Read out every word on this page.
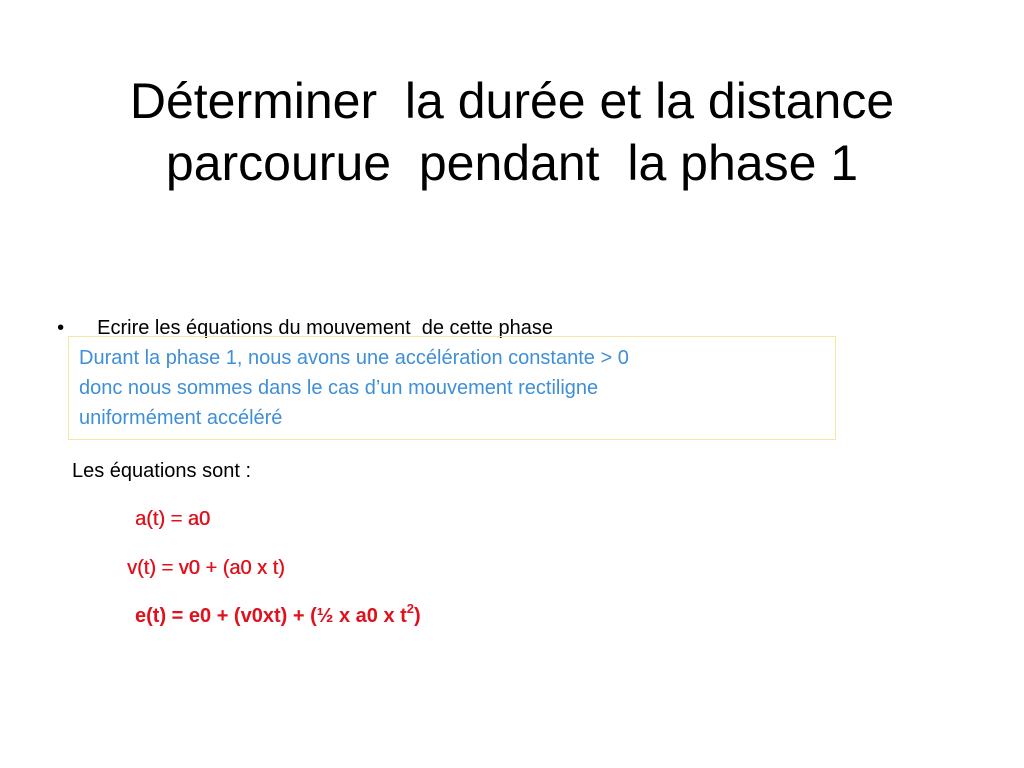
Déterminer  la durée et la distance
parcourue  pendant  la phase 1

• Ecrire les équations du mouvement  de cette phase

Durant la phase 1, nous avons une accélération constante > 0
donc nous sommes dans le cas d’un mouvement rectiligne
uniformément accéléré
Les équations sont :
a(t) = a0
v(t) = v0 + (a0 x t)
e(t) = e0 + (v0xt) + (½ x a0 x $t^2$)
